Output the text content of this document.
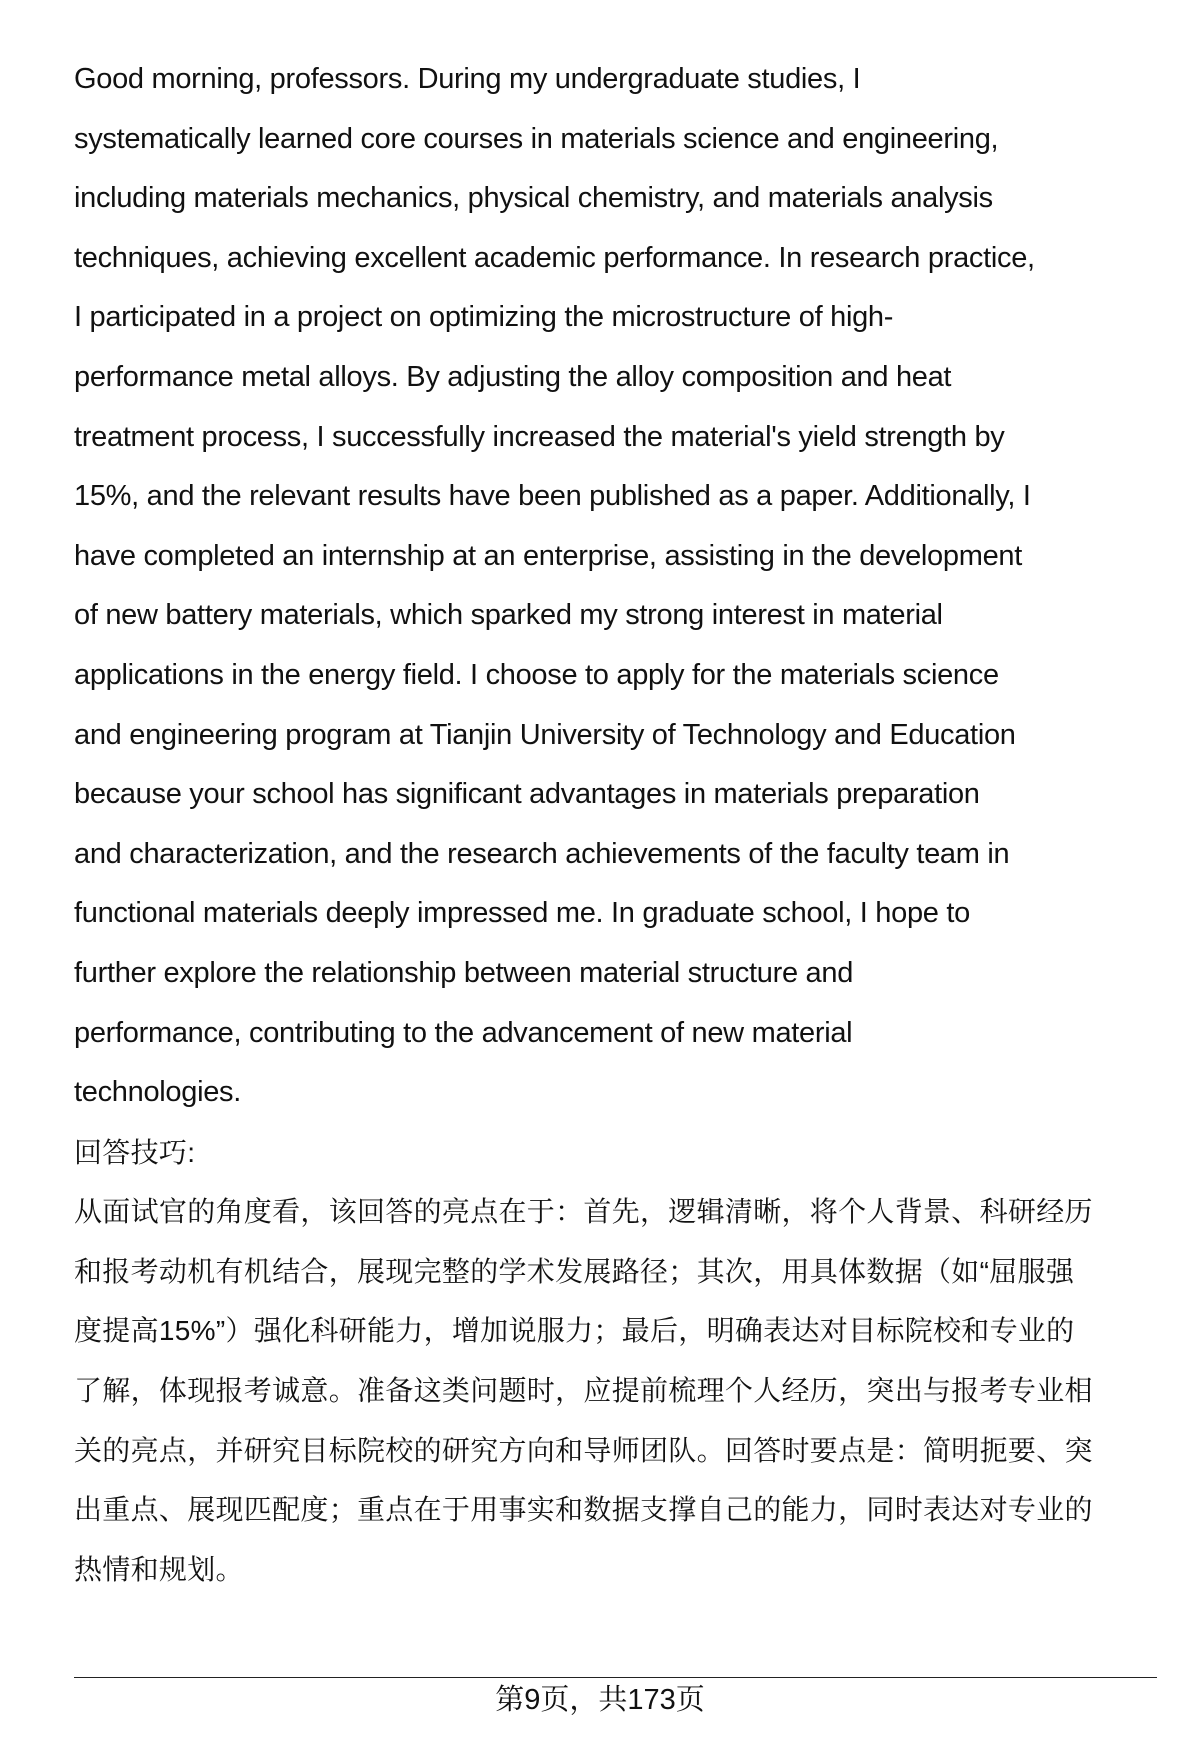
Good morning, professors. During my undergraduate studies, I
systematically learned core courses in materials science and engineering,
including materials mechanics, physical chemistry, and materials analysis
techniques, achieving excellent academic performance. In research practice,
I participated in a project on optimizing the microstructure of high-
performance metal alloys. By adjusting the alloy composition and heat
treatment process, I successfully increased the material's yield strength by
15%, and the relevant results have been published as a paper. Additionally, I
have completed an internship at an enterprise, assisting in the development
of new battery materials, which sparked my strong interest in material
applications in the energy field. I choose to apply for the materials science
and engineering program at Tianjin University of Technology and Education
because your school has significant advantages in materials preparation
and characterization, and the research achievements of the faculty team in
functional materials deeply impressed me. In graduate school, I hope to
further explore the relationship between material structure and
performance, contributing to the advancement of new material
technologies.
回答技巧:
从面试官的角度看，该回答的亮点在于：首先，逻辑清晰，将个人背景、科研经历
和报考动机有机结合，展现完整的学术发展路径；其次，用具体数据（如“屈服强
度提高15%”）强化科研能力，增加说服力；最后，明确表达对目标院校和专业的
了解，体现报考诚意。准备这类问题时，应提前梳理个人经历，突出与报考专业相
关的亮点，并研究目标院校的研究方向和导师团队。回答时要点是：简明扼要、突
出重点、展现匹配度；重点在于用事实和数据支撑自己的能力，同时表达对专业的
热情和规划。
第9页，共173页
